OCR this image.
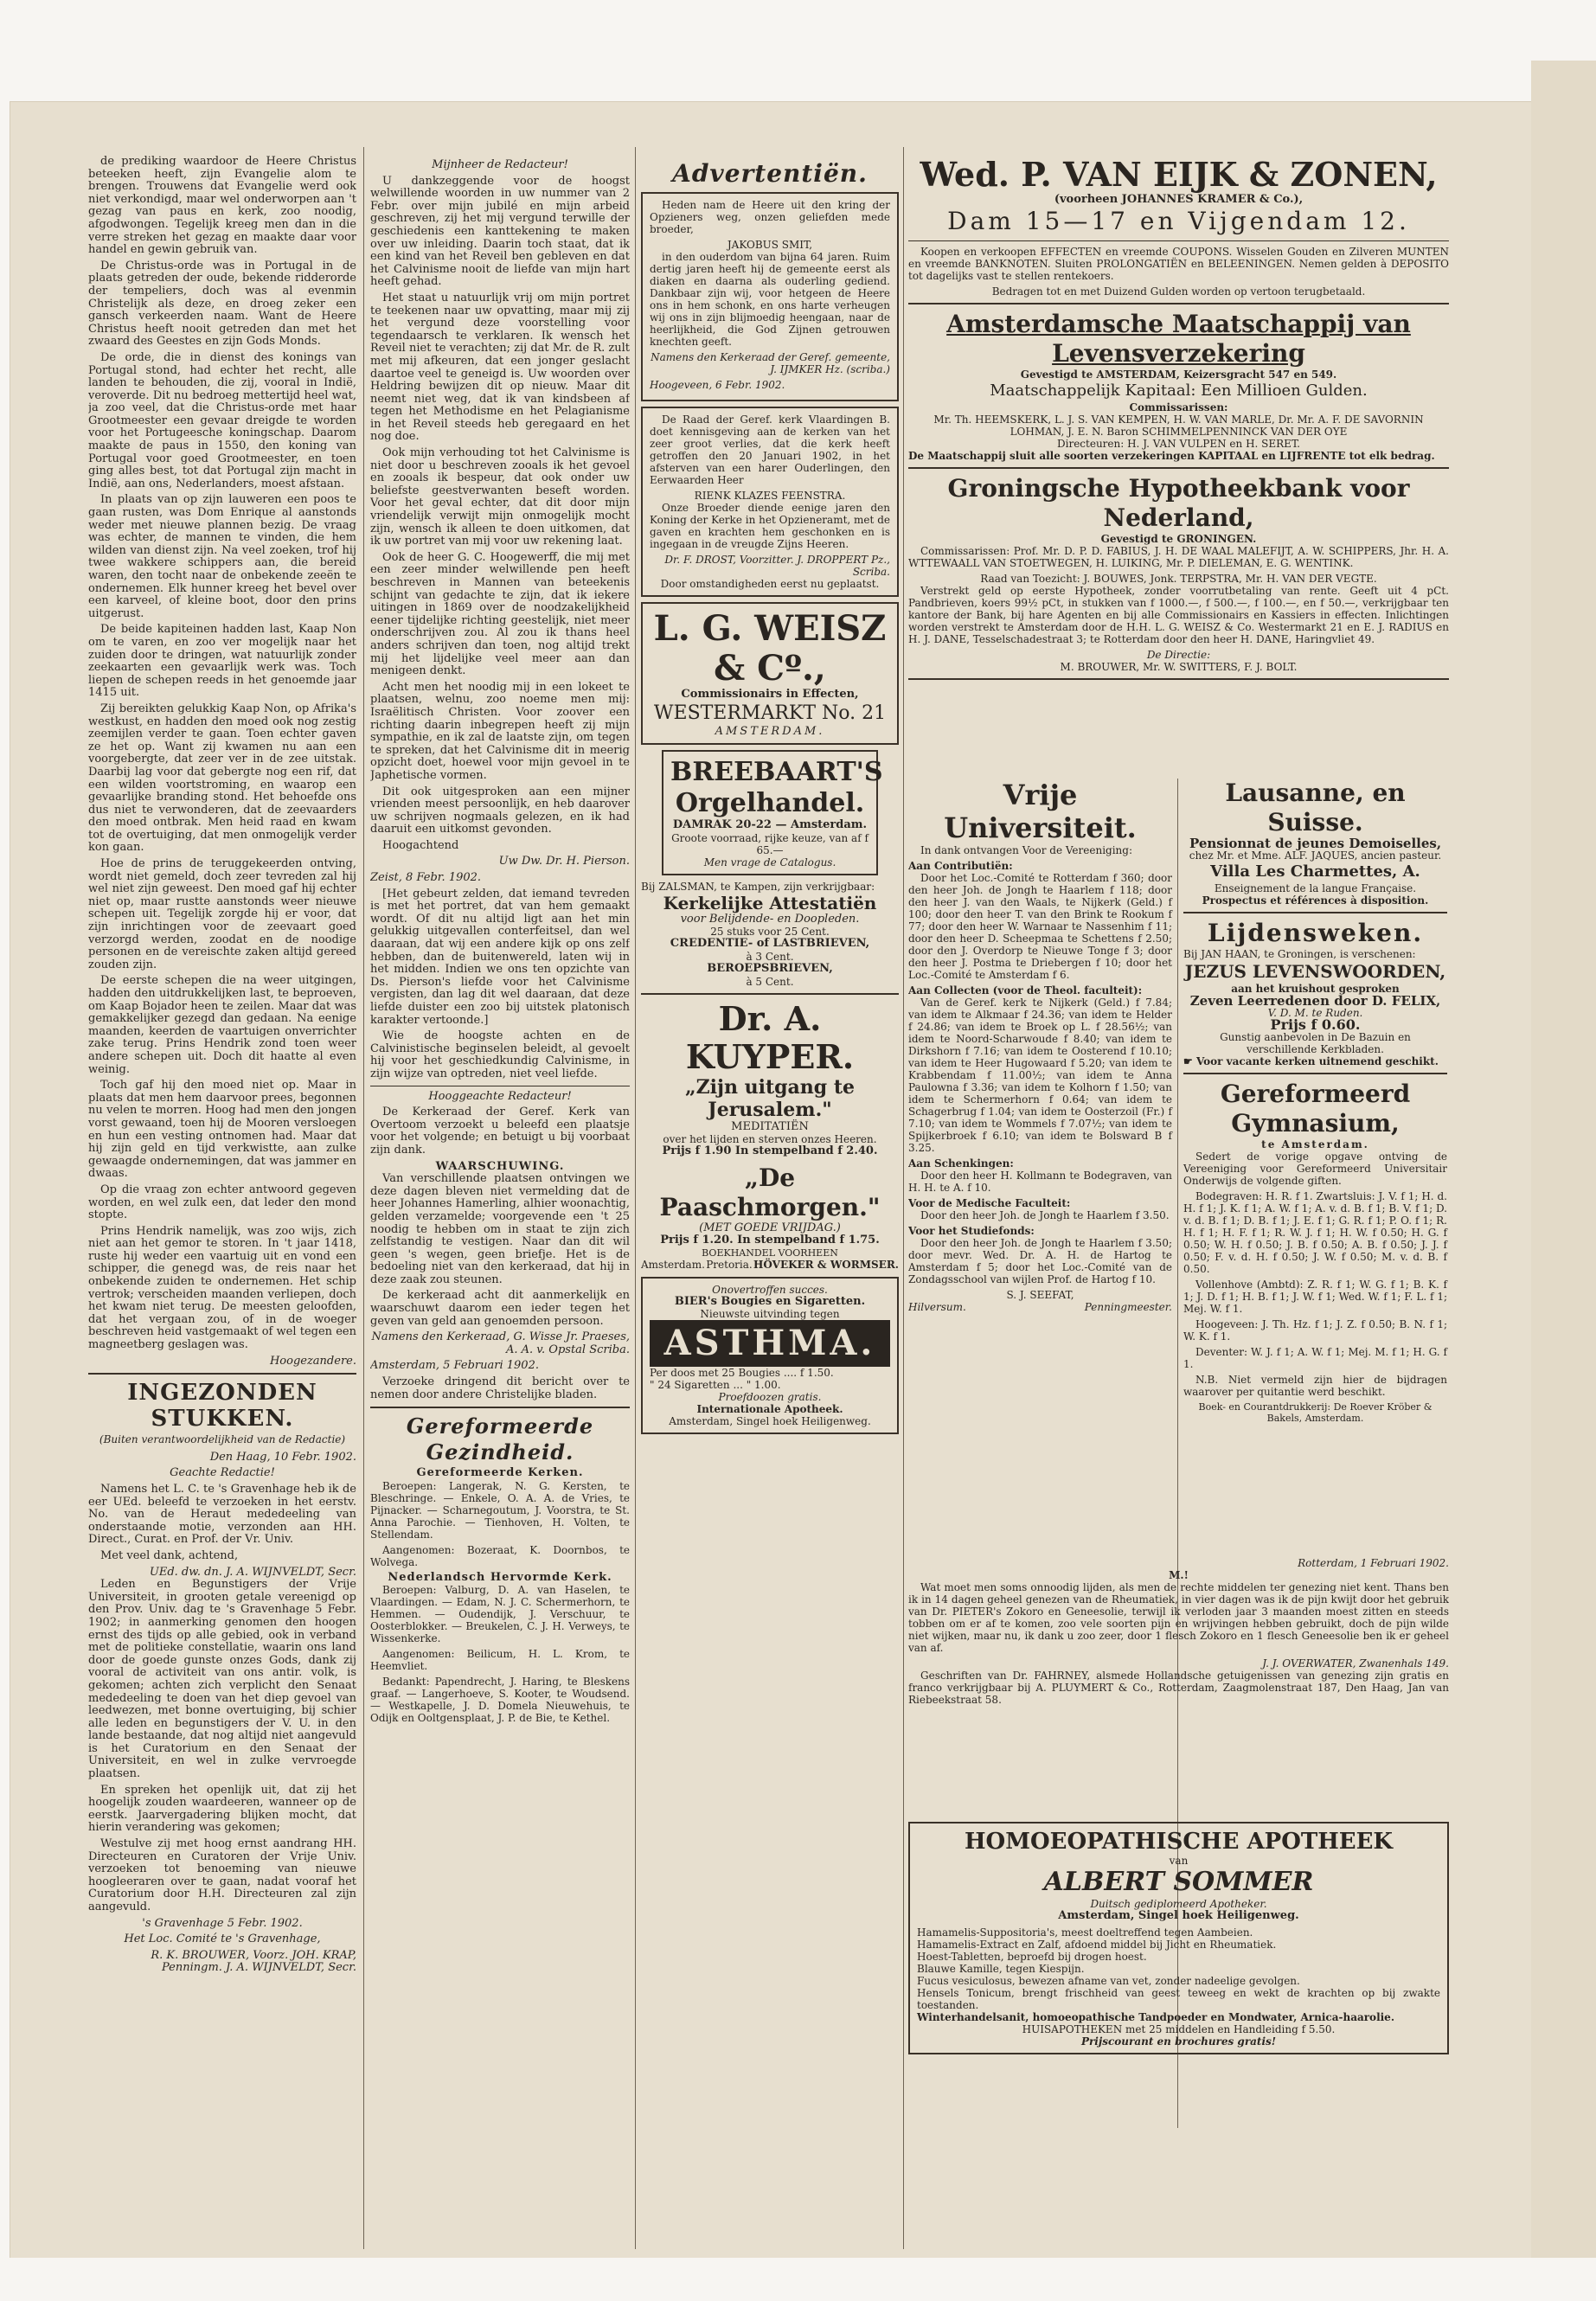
de prediking waardoor de Heere Christus beteeken heeft, zijn Evangelie alom te brengen. Trouwens dat Evangelie werd ook niet verkondigd, maar wel onderworpen aan 't gezag van paus en kerk, zoo noodig, afgodwongen. Tegelijk kreeg men dan in die verre streken het gezag en maakte daar voor handel en gewin gebruik van.

De Christus-orde was in Portugal in de plaats getreden der oude, bekende ridderorde der tempeliers, doch was al evenmin Christelijk als deze, en droeg zeker een gansch verkeerden naam. Want de Heere Christus heeft nooit getreden dan met het zwaard des Geestes en zijn Gods Monds.

De orde, die in dienst des konings van Portugal stond, had echter het recht, alle landen te behouden, die zij, vooral in Indië, veroverde. Dit nu bedroeg mettertijd heel wat, ja zoo veel, dat die Christus-orde met haar Grootmeester een gevaar dreigde te worden voor het Portugeesche koningschap. Daarom maakte de paus in 1550, den koning van Portugal voor goed Grootmeester, en toen ging alles best, tot dat Portugal zijn macht in Indië, aan ons, Nederlanders, moest afstaan.

In plaats van op zijn lauweren een poos te gaan rusten, was Dom Enrique al aanstonds weder met nieuwe plannen bezig. De vraag was echter, de mannen te vinden, die hem wilden van dienst zijn. Na veel zoeken, trof hij twee wakkere schippers aan, die bereid waren, den tocht naar de onbekende zeeën te ondernemen. Elk hunner kreeg het bevel over een karveel, of kleine boot, door den prins uitgerust.

De beide kapiteinen hadden last, Kaap Non om te varen, en zoo ver mogelijk naar het zuiden door te dringen, wat natuurlijk zonder zeekaarten een gevaarlijk werk was. Toch liepen de schepen reeds in het genoemde jaar 1415 uit.

Zij bereikten gelukkig Kaap Non, op Afrika's westkust, en hadden den moed ook nog zestig zeemijlen verder te gaan. Toen echter gaven ze het op. Want zij kwamen nu aan een voorgebergte, dat zeer ver in de zee uitstak. Daarbij lag voor dat gebergte nog een rif, dat een wilden voortstroming, en waarop een gevaarlijke branding stond. Het behoefde ons dus niet te verwonderen, dat de zeevaarders den moed ontbrak. Men heid raad en kwam tot de overtuiging, dat men onmogelijk verder kon gaan.

Hoe de prins de teruggekeerden ontving, wordt niet gemeld, doch zeer tevreden zal hij wel niet zijn geweest. Den moed gaf hij echter niet op, maar rustte aanstonds weer nieuwe schepen uit. Tegelijk zorgde hij er voor, dat zijn inrichtingen voor de zeevaart goed verzorgd werden, zoodat en de noodige personen en de vereischte zaken altijd gereed zouden zijn.

De eerste schepen die na weer uitgingen, hadden den uitdrukkelijken last, te beproeven, om Kaap Bojador heen te zeilen. Maar dat was gemakkelijker gezegd dan gedaan. Na eenige maanden, keerden de vaartuigen onverrichter zake terug. Prins Hendrik zond toen weer andere schepen uit. Doch dit haatte al even weinig.

Toch gaf hij den moed niet op. Maar in plaats dat men hem daarvoor prees, begonnen nu velen te morren. Hoog had men den jongen vorst gewaand, toen hij de Mooren versloegen en hun een vesting ontnomen had. Maar dat hij zijn geld en tijd verkwistte, aan zulke gewaagde ondernemingen, dat was jammer en dwaas.

Op die vraag zon echter antwoord gegeven worden, en wel zulk een, dat leder den mond stopte.

Prins Hendrik namelijk, was zoo wijs, zich niet aan het gemor te storen. In 't jaar 1418, ruste hij weder een vaartuig uit en vond een schipper, die genegd was, de reis naar het onbekende zuiden te ondernemen. Het schip vertrok; verscheiden maanden verliepen, doch het kwam niet terug. De meesten geloofden, dat het vergaan zou, of in de woeger beschreven heid vastgemaakt of wel tegen een magneetberg geslagen was.

Hoogezandere.
INGEZONDEN STUKKEN.
(Buiten verantwoordelijkheid van de Redactie)
Den Haag, 10 Febr. 1902.
Geachte Redactie!

Namens het L. C. te 's Gravenhage heb ik de eer UEd. beleefd te verzoeken in het eerstv. No. van de Heraut mededeeling van onderstaande motie, verzonden aan HH. Direct., Curat. en Prof. der Vr. Univ.

Met veel dank, achtend,

UEd. dw. dn. J. A. WIJNVELDT, Secr.

Leden en Begunstigers der Vrije Universiteit, in grooten getale vereenigd op den Prov. Univ. dag te 's Gravenhage 5 Febr. 1902; in aanmerking genomen den hoogen ernst des tijds op alle gebied, ook in verband met de politieke constellatie, waarin ons land door de goede gunste onzes Gods, dank zij vooral de activiteit van ons antir. volk, is gekomen; achten zich verplicht den Senaat mededeeling te doen van het diep gevoel van leedwezen, met bonne overtuiging, bij schier alle leden en begunstigers der V. U. in den lande bestaande, dat nog altijd niet aangevuld is het Curatorium en den Senaat der Universiteit, en wel in zulke vervroegde plaatsen.

En spreken het openlijk uit, dat zij het hoogelijk zouden waardeeren, wanneer op de eerstk. Jaarvergadering blijken mocht, dat hierin verandering was gekomen;

Westulve zij met hoog ernst aandrang HH. Directeuren en Curatoren der Vrije Univ. verzoeken tot benoeming van nieuwe hoogleeraren over te gaan, nadat vooraf het Curatorium door H.H. Directeuren zal zijn aangevuld.

's Gravenhage 5 Febr. 1902.
Het Loc. Comité te 's Gravenhage,
R. K. BROUWER, Voorz. JOH. KRAP, Penningm. J. A. WIJNVELDT, Secr.
Mijnheer de Redacteur!

U dankzeggende voor de hoogst welwillende woorden in uw nummer van 2 Febr. over mijn jubilé en mijn arbeid geschreven, zij het mij vergund terwille der geschiedenis een kanttekening te maken over uw inleiding. Daarin toch staat, dat ik een kind van het Reveil ben gebleven en dat het Calvinisme nooit de liefde van mijn hart heeft gehad.

Het staat u natuurlijk vrij om mijn portret te teekenen naar uw opvatting, maar mij zij het vergund deze voorstelling voor tegendaarsch te verklaren. Ik wensch het Reveil niet te verachten; zij dat Mr. de R. zult met mij afkeuren, dat een jonger geslacht daartoe veel te geneigd is. Uw woorden over Heldring bewijzen dit op nieuw. Maar dit neemt niet weg, dat ik van kindsbeen af tegen het Methodisme en het Pelagianisme in het Reveil steeds heb geregaard en het nog doe.

Ook mijn verhouding tot het Calvinisme is niet door u beschreven zooals ik het gevoel en zooals ik bespeur, dat ook onder uw beliefste geestverwanten beseft worden. Voor het geval echter, dat dit door mijn vriendelijk verwijt mijn onmogelijk mocht zijn, wensch ik alleen te doen uitkomen, dat ik uw portret van mij voor uw rekening laat.

Ook de heer G. C. Hoogewerff, die mij met een zeer minder welwillende pen heeft beschreven in Mannen van beteekenis schijnt van gedachte te zijn, dat ik iekere uitingen in 1869 over de noodzakelijkheid eener tijdelijke richting geestelijk, niet meer onderschrijven zou. Al zou ik thans heel anders schrijven dan toen, nog altijd trekt mij het lijdelijke veel meer aan dan menigeen denkt.

Acht men het noodig mij in een lokeet te plaatsen, welnu, zoo noeme men mij: Israëlitisch Christen. Voor zoover een richting daarin inbegrepen heeft zij mijn sympathie, en ik zal de laatste zijn, om tegen te spreken, dat het Calvinisme dit in meerig opzicht doet, hoewel voor mijn gevoel in te Japhetische vormen.

Dit ook uitgesproken aan een mijner vrienden meest persoonlijk, en heb daarover uw schrijven nogmaals gelezen, en ik had daaruit een uitkomst gevonden.

Hoogachtend

Uw Dw. Dr. H. Pierson.
Zeist, 8 Febr. 1902.

[Het gebeurt zelden, dat iemand tevreden is met het portret, dat van hem gemaakt wordt. Of dit nu altijd ligt aan het min gelukkig uitgevallen conterfeitsel, dan wel daaraan, dat wij een andere kijk op ons zelf hebben, dan de buitenwereld, laten wij in het midden. Indien we ons ten opzichte van Ds. Pierson's liefde voor het Calvinisme vergisten, dan lag dit wel daaraan, dat deze liefde duister een zoo bij uitstek platonisch karakter vertoonde.]

Wie de hoogste achten en de Calvinistische beginselen beleidt, al gevoelt hij voor het geschiedkundig Calvinisme, in zijn wijze van optreden, niet veel liefde.

Hooggeachte Redacteur!

De Kerkeraad der Geref. Kerk van Overtoom verzoekt u beleefd een plaatsje voor het volgende; en betuigt u bij voorbaat zijn dank.

WAARSCHUWING.

Van verschillende plaatsen ontvingen we deze dagen bleven niet vermelding dat de heer Johannes Hamerling, alhier woonachtig, gelden verzamelde; voorgevende een 't 25 noodig te hebben om in staat te zijn zich zelfstandig te vestigen. Naar dan dit wil geen 's wegen, geen briefje. Het is de bedoeling niet van den kerkeraad, dat hij in deze zaak zou steunen.

De kerkeraad acht dit aanmerkelijk en waarschuwt daarom een ieder tegen het geven van geld aan genoemden persoon.

Namens den Kerkeraad, G. Wisse Jr. Praeses, A. A. v. Opstal Scriba.
Amsterdam, 5 Februari 1902.

Verzoeke dringend dit bericht over te nemen door andere Christelijke bladen.

Gereformeerde Gezindheid.
Gereformeerde Kerken.

Beroepen: Langerak, N. G. Kersten, te Bleschringe. — Enkele, O. A. A. de Vries, te Pijnacker. — Scharnegoutum, J. Voorstra, te St. Anna Parochie. — Tienhoven, H. Volten, te Stellendam.

Aangenomen: Bozeraat, K. Doornbos, te Wolvega.

Nederlandsch Hervormde Kerk.

Beroepen: Valburg, D. A. van Haselen, te Vlaardingen. — Edam, N. J. C. Schermerhorn, te Hemmen. — Oudendijk, J. Verschuur, te Oosterblokker. — Breukelen, C. J. H. Verweys, te Wissenkerke.

Aangenomen: Beilicum, H. L. Krom, te Heemvliet.

Bedankt: Papendrecht, J. Haring, te Bleskens graaf. — Langerhoeve, S. Kooter, te Woudsend. — Westkapelle, J. D. Domela Nieuwehuis, te Odijk en Ooltgensplaat, J. P. de Bie, te Kethel.

Advertentiën.

Heden nam de Heere uit den kring der Opzieners weg, onzen geliefden mede broeder,

JAKOBUS SMIT,

in den ouderdom van bijna 64 jaren. Ruim dertig jaren heeft hij de gemeente eerst als diaken en daarna als ouderling gediend. Dankbaar zijn wij, voor hetgeen de Heere ons in hem schonk, en ons harte verheugen wij ons in zijn blijmoedig heengaan, naar de heerlijkheid, die God Zijnen getrouwen knechten geeft.

Namens den Kerkeraad der Geref. gemeente, J. IJMKER Hz. (scriba.)
Hoogeveen, 6 Febr. 1902.

De Raad der Geref. kerk Vlaardingen B. doet kennisgeving aan de kerken van het zeer groot verlies, dat die kerk heeft getroffen den 20 Januari 1902, in het afsterven van een harer Ouderlingen, den Eerwaarden Heer

RIENK KLAZES FEENSTRA.

Onze Broeder diende eenige jaren den Koning der Kerke in het Opzieneramt, met de gaven en krachten hem geschonken en is ingegaan in de vreugde Zijns Heeren.

Dr. F. DROST, Voorzitter. J. DROPPERT Pz., Scriba.
Door omstandigheden eerst nu geplaatst.
L. G. WEISZ & Cº.,
Commissionairs in Effecten,
WESTERMARKT No. 21
AMSTERDAM.
BREEBAART'S
Orgelhandel.
DAMRAK 20-22 — Amsterdam.
Groote voorraad, rijke keuze, van af f 65.—
Men vrage de Catalogus.
Bij ZALSMAN, te Kampen, zijn verkrijgbaar:
Kerkelijke Attestatiën
voor Belijdende- en Doopleden.
25 stuks voor 25 Cent.
CREDENTIE- of LASTBRIEVEN,
à 3 Cent.
BEROEPSBRIEVEN,
à 5 Cent.
Dr. A. KUYPER.
„Zijn uitgang te Jerusalem."
MEDITATIËN
over het lijden en sterven onzes Heeren.
Prijs f 1.90 In stempelband f 2.40.
„De Paaschmorgen."
(MET GOEDE VRIJDAG.)
Prijs f 1.20. In stempelband f 1.75.
BOEKHANDEL VOORHEEN
Amsterdam. Pretoria. HÖVEKER & WORMSER.
Onovertroffen succes.
BIER's Bougies en Sigaretten.
Nieuwste uitvinding tegen
ASTHMA.
Per doos met 25 Bougies .... f 1.50.
" 24 Sigaretten ... " 1.00.
Proefdoozen gratis.
Internationale Apotheek.
Amsterdam, Singel hoek Heiligenweg.
Wed. P. VAN EIJK & ZONEN,
(voorheen JOHANNES KRAMER & Co.),
Dam 15—17 en Vijgendam 12.

Koopen en verkoopen EFFECTEN en vreemde COUPONS. Wisselen Gouden en Zilveren MUNTEN en vreemde BANKNOTEN. Sluiten PROLONGATIËN en BELEENINGEN. Nemen gelden à DEPOSITO tot dagelijks vast te stellen rentekoers.

Bedragen tot en met Duizend Gulden worden op vertoon terugbetaald.
Amsterdamsche Maatschappij van Levensverzekering
Gevestigd te AMSTERDAM, Keizersgracht 547 en 549.
Maatschappelijk Kapitaal: Een Millioen Gulden.
Commissarissen:
Mr. Th. HEEMSKERK, L. J. S. VAN KEMPEN, H. W. VAN MARLE, Dr. Mr. A. F. DE SAVORNIN LOHMAN, J. E. N. Baron SCHIMMELPENNINCK VAN DER OYE
Directeuren: H. J. VAN VULPEN en H. SERET.
De Maatschappij sluit alle soorten verzekeringen KAPITAAL en LIJFRENTE tot elk bedrag.
Groningsche Hypotheekbank voor Nederland,
Gevestigd te GRONINGEN.

Commissarissen: Prof. Mr. D. P. D. FABIUS, J. H. DE WAAL MALEFIJT, A. W. SCHIPPERS, Jhr. H. A. WTTEWAALL VAN STOETWEGEN, H. LUIKING, Mr. P. DIELEMAN, E. G. WENTINK.

Raad van Toezicht: J. BOUWES, Jonk. TERPSTRA, Mr. H. VAN DER VEGTE.

Verstrekt geld op eerste Hypotheek, zonder voorrutbetaling van rente. Geeft uit 4 pCt. Pandbrieven, koers 99½ pCt, in stukken van f 1000.—, f 500.—, f 100.—, en f 50.—, verkrijgbaar ten kantore der Bank, bij hare Agenten en bij alle Commissionairs en Kassiers in effecten. Inlichtingen worden verstrekt te Amsterdam door de H.H. L. G. WEISZ & Co. Westermarkt 21 en E. J. RADIUS en H. J. DANE, Tesselschadestraat 3; te Rotterdam door den heer H. DANE, Haringvliet 49.

De Directie:
M. BROUWER, Mr. W. SWITTERS, F. J. BOLT.
Vrije Universiteit.

In dank ontvangen Voor de Vereeniging:

Aan Contributiën:

Door het Loc.-Comité te Rotterdam f 360; door den heer Joh. de Jongh te Haarlem f 118; door den heer J. van den Waals, te Nijkerk (Geld.) f 100; door den heer T. van den Brink te Rookum f 77; door den heer W. Warnaar te Nassenhim f 11; door den heer D. Scheepmaa te Schettens f 2.50; door den J. Overdorp te Nieuwe Tonge f 3; door den heer J. Postma te Driebergen f 10; door het Loc.-Comité te Amsterdam f 6.

Aan Collecten (voor de Theol. faculteit):

Van de Geref. kerk te Nijkerk (Geld.) f 7.84; van idem te Alkmaar f 24.36; van idem te Helder f 24.86; van idem te Broek op L. f 28.56½; van idem te Noord-Scharwoude f 8.40; van idem te Dirkshorn f 7.16; van idem te Oosterend f 10.10; van idem te Heer Hugowaard f 5.20; van idem te Krabbendam f 11.00½; van idem te Anna Paulowna f 3.36; van idem te Kolhorn f 1.50; van idem te Schermerhorn f 0.64; van idem te Schagerbrug f 1.04; van idem te Oosterzoil (Fr.) f 7.10; van idem te Wommels f 7.07½; van idem te Spijkerbroek f 6.10; van idem te Bolsward B f 3.25.

Aan Schenkingen:

Door den heer H. Kollmann te Bodegraven, van H. H. te A. f 10.

Voor de Medische Faculteit:

Door den heer Joh. de Jongh te Haarlem f 3.50.

Voor het Studiefonds:

Door den heer Joh. de Jongh te Haarlem f 3.50; door mevr. Wed. Dr. A. H. de Hartog te Amsterdam f 5; door het Loc.-Comité van de Zondagsschool van wijlen Prof. de Hartog f 10.

S. J. SEEFAT,
Hilversum.	Penningmeester.
Lausanne, en Suisse.
Pensionnat de jeunes Demoiselles,
chez Mr. et Mme. ALF. JAQUES, ancien pasteur.
Villa Les Charmettes, A.
Enseignement de la langue Française.
Prospectus et références à disposition.
Lijdensweken.
Bij JAN HAAN, te Groningen, is verschenen:
JEZUS LEVENSWOORDEN,
aan het kruishout gesproken
Zeven Leerredenen door D. FELIX,
V. D. M. te Ruden.
Prijs f 0.60.
Gunstig aanbevolen in De Bazuin en verschillende Kerkbladen.
☛ Voor vacante kerken uitnemend geschikt.
Gereformeerd Gymnasium,
te Amsterdam.

Sedert de vorige opgave ontving de Vereeniging voor Gereformeerd Universitair Onderwijs de volgende giften.

Bodegraven: H. R. f 1. Zwartsluis: J. V. f 1; H. d. H. f 1; J. K. f 1; A. W. f 1; A. v. d. B. f 1; B. V. f 1; D. v. d. B. f 1; D. B. f 1; J. E. f 1; G. R. f 1; P. O. f 1; R. H. f 1; H. F. f 1; R. W. J. f 1; H. W. f 0.50; H. G. f 0.50; W. H. f 0.50; J. B. f 0.50; A. B. f 0.50; J. J. f 0.50; F. v. d. H. f 0.50; J. W. f 0.50; M. v. d. B. f 0.50.

Vollenhove (Ambtd): Z. R. f 1; W. G. f 1; B. K. f 1; J. D. f 1; H. B. f 1; J. W. f 1; Wed. W. f 1; F. L. f 1; Mej. W. f 1.

Hoogeveen: J. Th. Hz. f 1; J. Z. f 0.50; B. N. f 1; W. K. f 1.

Deventer: W. J. f 1; A. W. f 1; Mej. M. f 1; H. G. f 1.

N.B. Niet vermeld zijn hier de bijdragen waarover per quitantie werd beschikt.

Boek- en Courantdrukkerij: De Roever Kröber & Bakels, Amsterdam.
Rotterdam, 1 Februari 1902.
M.!

Wat moet men soms onnoodig lijden, als men de rechte middelen ter genezing niet kent. Thans ben ik in 14 dagen geheel genezen van de Rheumatiek, in vier dagen was ik de pijn kwijt door het gebruik van Dr. PIETER's Zokoro en Geneesolie, terwijl ik verloden jaar 3 maanden moest zitten en steeds tobben om er af te komen, zoo vele soorten pijn en wrijvingen hebben gebruikt, doch de pijn wilde niet wijken, maar nu, ik dank u zoo zeer, door 1 flesch Zokoro en 1 flesch Geneesolie ben ik er geheel van af.

J. J. OVERWATER, Zwanenhals 149.

Geschriften van Dr. FAHRNEY, alsmede Hollandsche getuigenissen van genezing zijn gratis en franco verkrijgbaar bij A. PLUYMERT & Co., Rotterdam, Zaagmolenstraat 187, Den Haag, Jan van Riebeekstraat 58.

HOMOEOPATHISCHE APOTHEEK
van
ALBERT SOMMER
Duitsch gediplomeerd Apotheker.
Amsterdam, Singel hoek Heiligenweg.
Hamamelis-Suppositoria's, meest doeltreffend tegen Aambeien.
Hamamelis-Extract en Zalf, afdoend middel bij Jicht en Rheumatiek.
Hoest-Tabletten, beproefd bij drogen hoest.
Blauwe Kamille, tegen Kiespijn.
Fucus vesiculosus, bewezen afname van vet, zonder nadeelige gevolgen.
Hensels Tonicum, brengt frischheid van geest teweeg en wekt de krachten op bij zwakte toestanden.
Winterhandelsanit, homoeopathische Tandpoeder en Mondwater, Arnica-haarolie.
HUISAPOTHEKEN met 25 middelen en Handleiding f 5.50.
Prijscourant en brochures gratis!
